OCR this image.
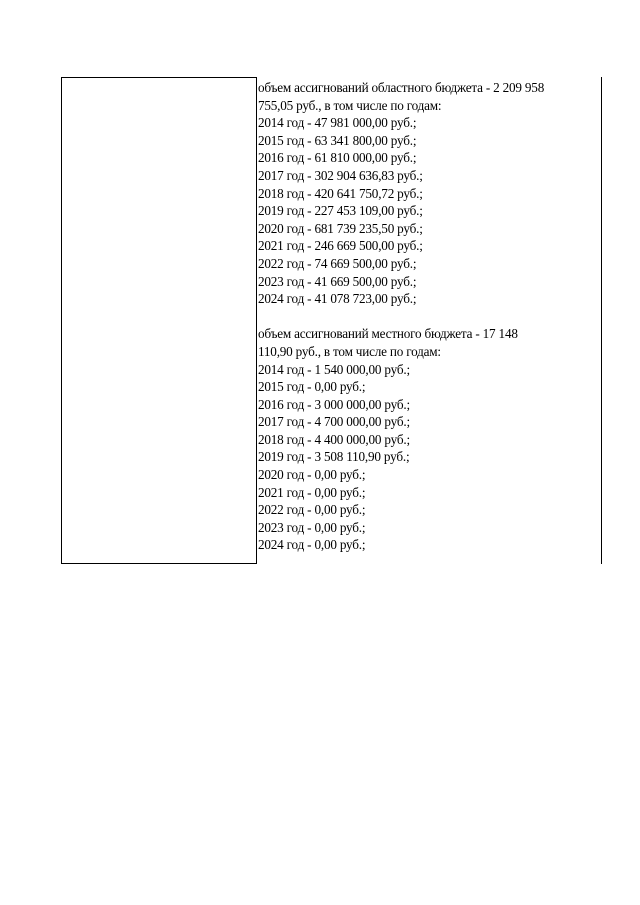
объем ассигнований областного бюджета - 2 209 958

755,05 руб., в том числе по годам:

2014 год - 47 981 000,00 руб.;

2015 год - 63 341 800,00 руб.;

2016 год - 61 810 000,00 руб.;

2017 год - 302 904 636,83 руб.;

2018 год - 420 641 750,72 руб.;

2019 год - 227 453 109,00 руб.;

2020 год - 681 739 235,50 руб.;

2021 год - 246 669 500,00 руб.;

2022 год - 74 669 500,00 руб.;

2023 год - 41 669 500,00 руб.;

2024 год - 41 078 723,00 руб.;

объем ассигнований местного бюджета - 17 148

110,90 руб., в том числе по годам:

2014 год - 1 540 000,00 руб.;

2015 год - 0,00 руб.;

2016 год - 3 000 000,00 руб.;

2017 год - 4 700 000,00 руб.;

2018 год - 4 400 000,00 руб.;

2019 год - 3 508 110,90 руб.;

2020 год - 0,00 руб.;

2021 год - 0,00 руб.;

2022 год - 0,00 руб.;

2023 год - 0,00 руб.;

2024 год - 0,00 руб.;
